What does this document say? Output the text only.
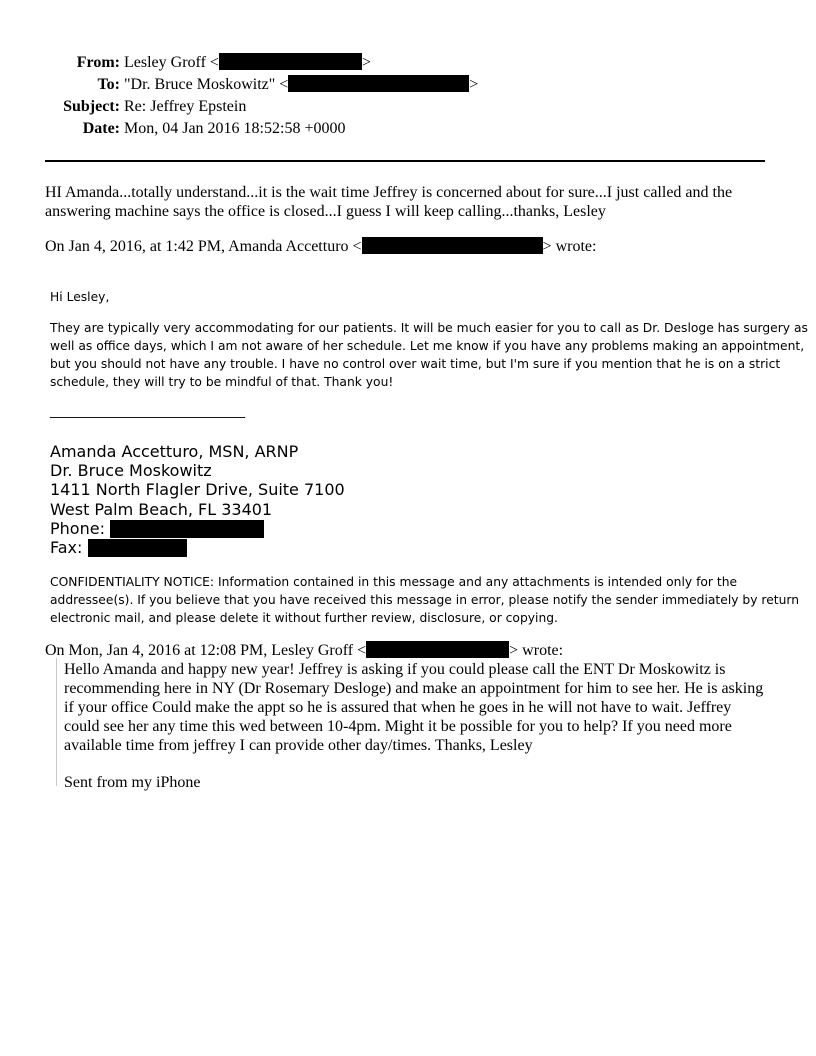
From: Lesley Groff <	>
To: "Dr. Bruce Moskowitz" <	>
Subject: Re: Jeffrey Epstein
Date: Mon, 04 Jan 2016 18:52:58 +0000
HI Amanda...totally understand...it is the wait time Jeffrey is concerned about for sure...I just called and the
answering machine says the office is closed...I guess I will keep calling...thanks, Lesley
On Jan 4, 2016, at 1:42 PM, Amanda Accetturo <	> wrote:
Hi Lesley,
They are typically very accommodating for our patients. It will be much easier for you to call as Dr. Desloge has surgery as
well as office days, which I am not aware of her schedule. Let me know if you have any problems making an appointment,
but you should not have any trouble. I have no control over wait time, but I'm sure if you mention that he is on a strict
schedule, they will try to be mindful of that. Thank you!
______________________________
Amanda Accetturo, MSN, ARNP
Dr. Bruce Moskowitz
1411 North Flagler Drive, Suite 7100
West Palm Beach, FL 33401
Phone:
Fax:
CONFIDENTIALITY NOTICE: Information contained in this message and any attachments is intended only for the
addressee(s). If you believe that you have received this message in error, please notify the sender immediately by return
electronic mail, and please delete it without further review, disclosure, or copying.
On Mon, Jan 4, 2016 at 12:08 PM, Lesley Groff <	> wrote:
Hello Amanda and happy new year! Jeffrey is asking if you could please call the ENT Dr Moskowitz is
recommending here in NY (Dr Rosemary Desloge) and make an appointment for him to see her. He is asking
if your office Could make the appt so he is assured that when he goes in he will not have to wait. Jeffrey
could see her any time this wed between 10-4pm. Might it be possible for you to help? If you need more
available time from jeffrey I can provide other day/times. Thanks, Lesley
Sent from my iPhone
